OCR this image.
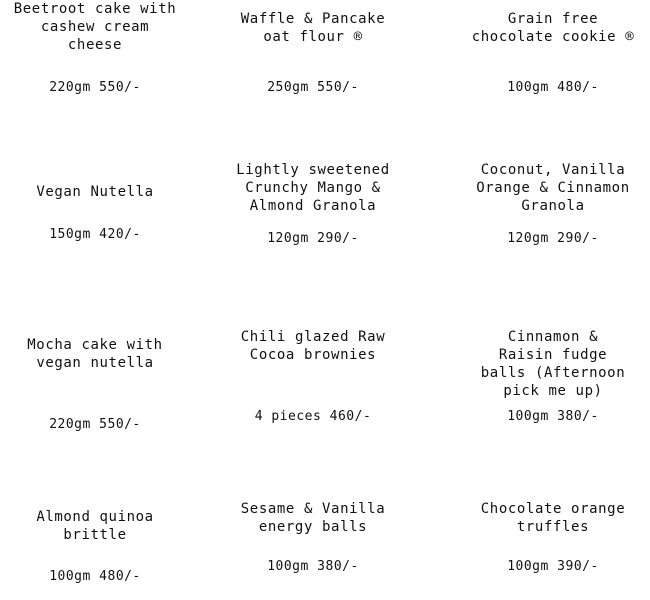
Beetroot cake with
cashew cream
cheese
220gm 550/-
Waffle & Pancake
oat flour ®
250gm 550/-
Grain free
chocolate cookie ®
100gm 480/-
Vegan Nutella
150gm 420/-
Lightly sweetened
Crunchy Mango &
Almond Granola
120gm 290/-
Coconut, Vanilla
Orange & Cinnamon
Granola
120gm 290/-
Mocha cake with
vegan nutella
220gm 550/-
Chili glazed Raw
Cocoa brownies
4 pieces 460/-
Cinnamon &
Raisin fudge
balls (Afternoon
pick me up)
100gm 380/-
Almond quinoa
brittle
100gm 480/-
Sesame & Vanilla
energy balls
100gm 380/-
Chocolate orange
truffles
100gm 390/-
